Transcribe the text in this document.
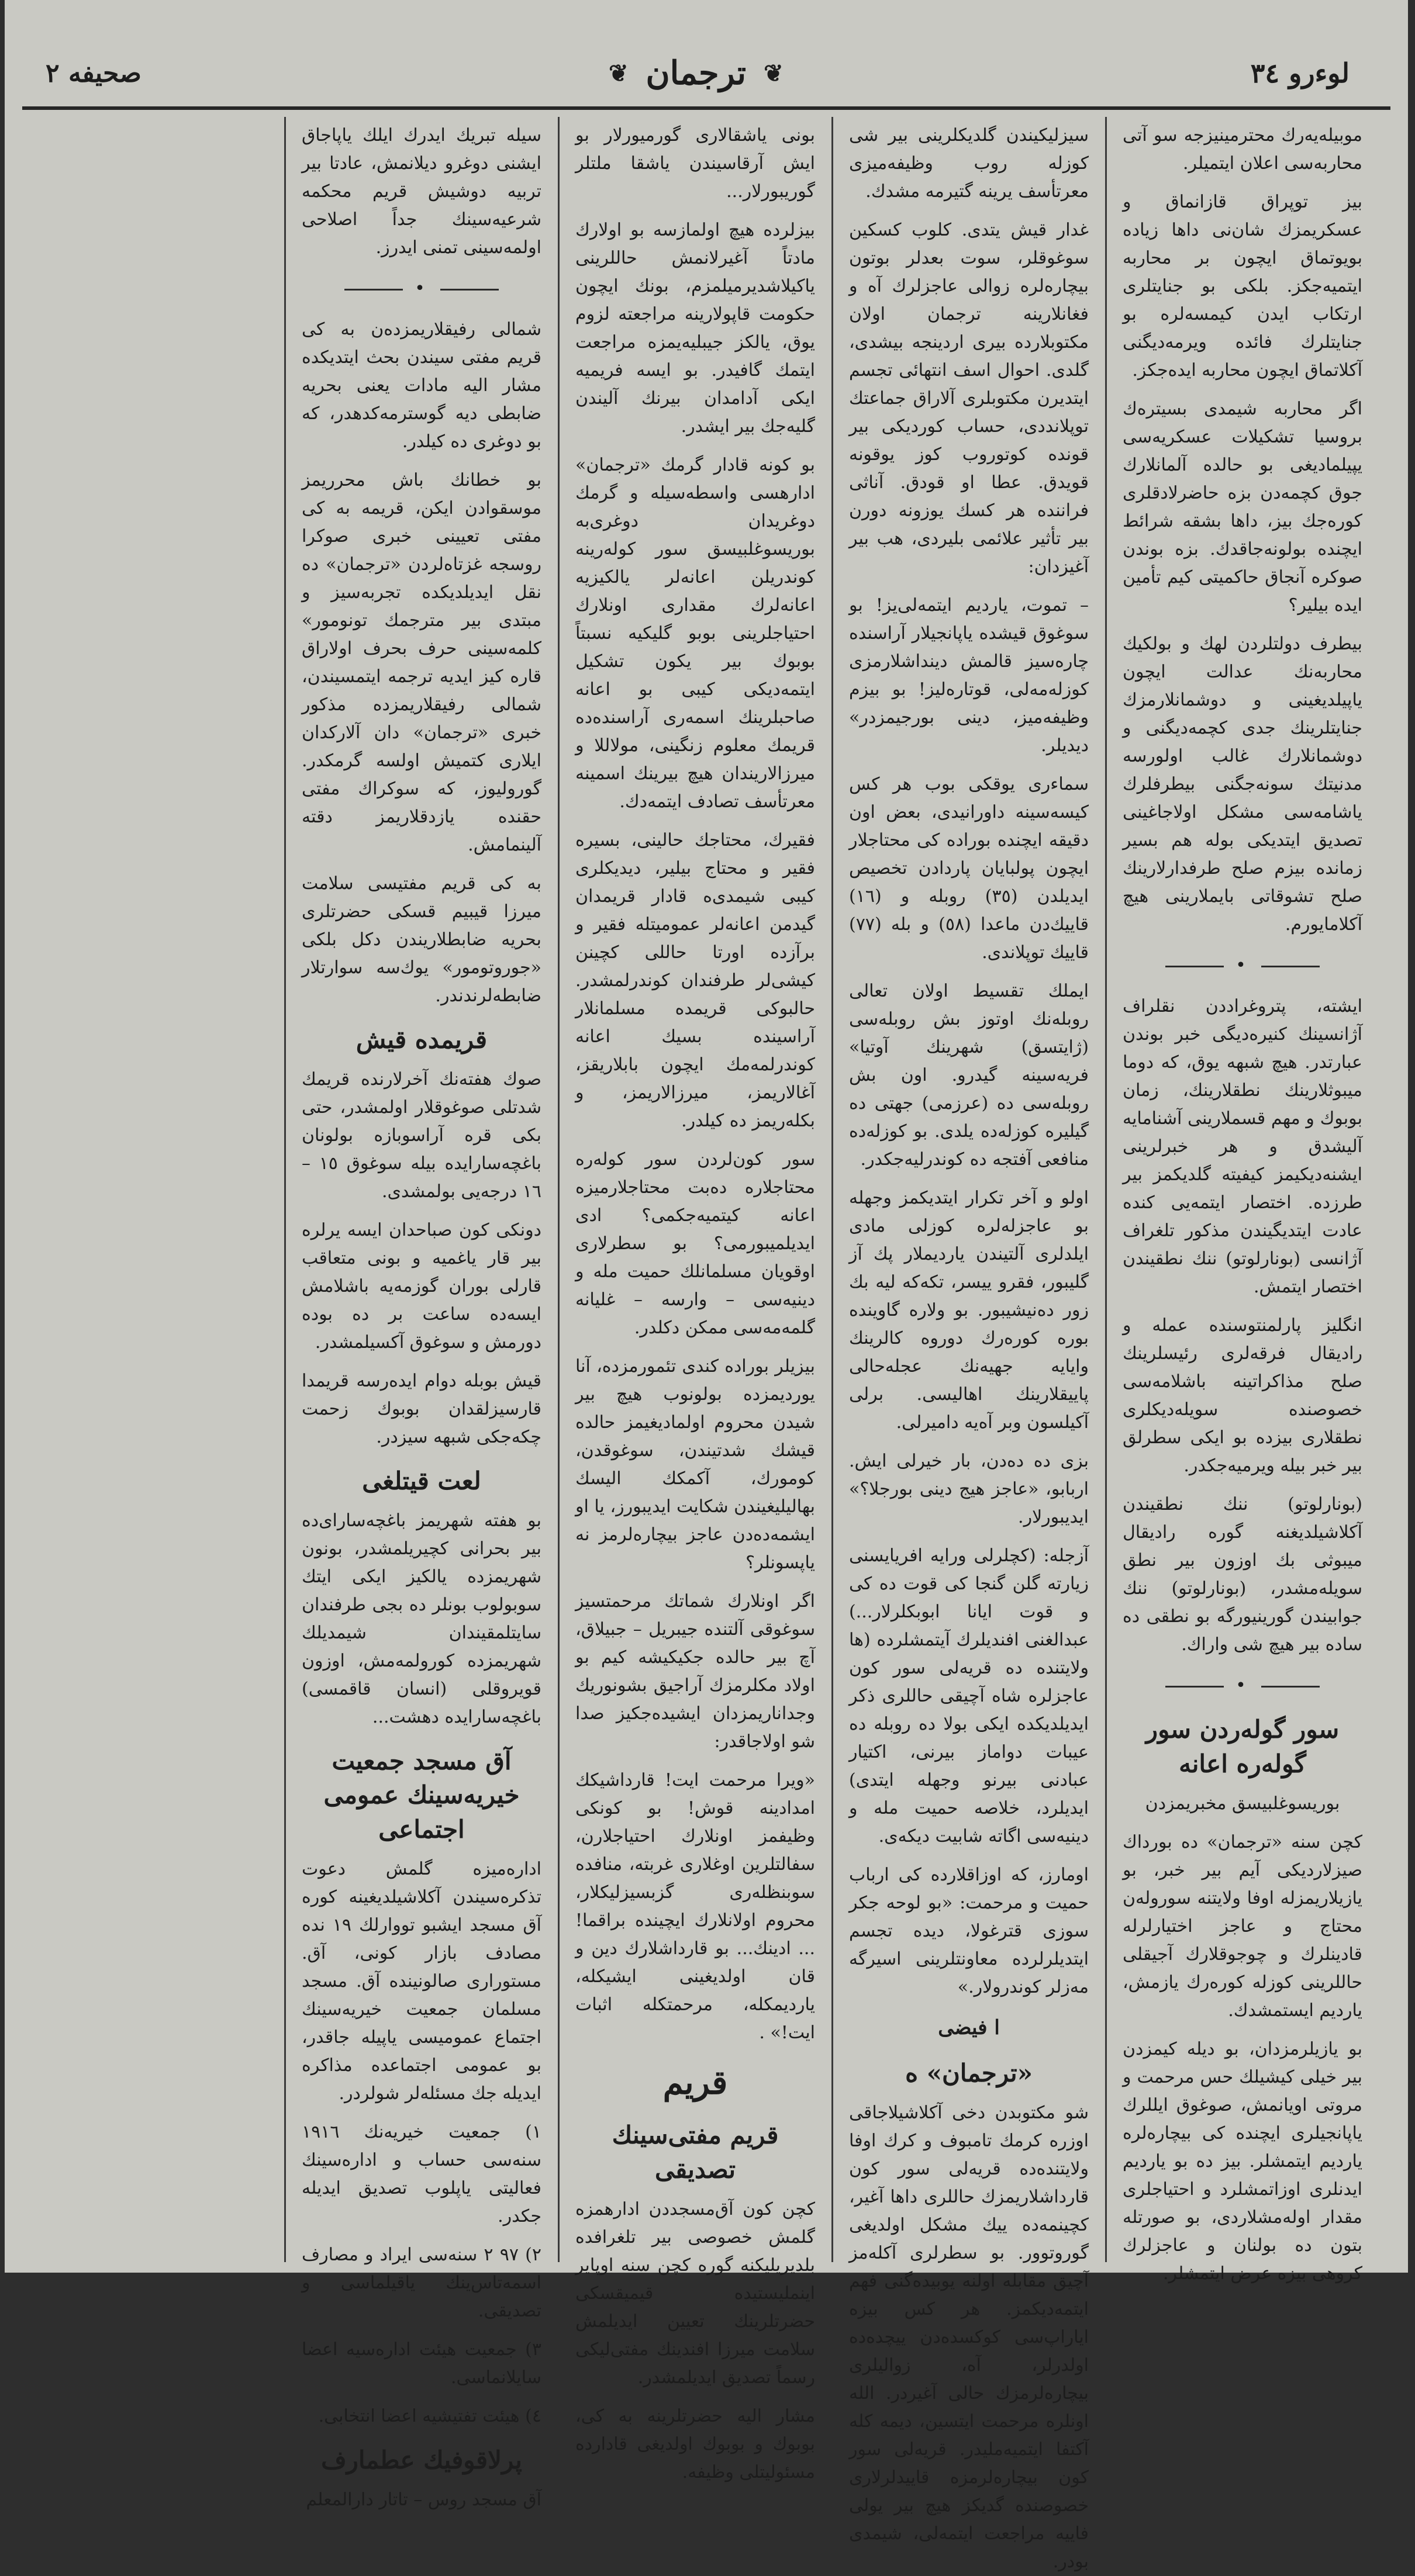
لوءرو ٣٤
❦
ترجمان
❦
صحيفه ٢

موبیله‌یه‌رك محترمینیزجه سو آتی محاربه‌سی اعلان ایتمیلر.

بیز توپراق قازانماق و عسكریمزك شان‌نی داها زیاده بویوتماق ایچون بر محاربه ایتمیه‌جكز. بلكی بو جنایتلری ارتكاب ایدن كیمسه‌لره بو جنایتلرك فائده ویرمه‌دیگنی آكلاتماق ایچون محاربه ایده‌جكز.

اگر محاربه شیمدی بسیتره‌ك بروسیا تشكیلات عسكریه‌سی یپیلمادیغی بو حالده آلمانلارك جوق كچمه‌دن بزه حاضرلادقلری كوره‌جك بیز، داها بشقه شرائط ایچنده بولونه‌جاقدك. بزه بوندن صوكره آنجاق حاكمیتی كیم تأمین ایده بیلیر؟

بیطرف دولتلردن لهك و بولكیك محاربه‌نك عدالت ایچون یاپیلدیغینی و دوشمانلارمزك جنایتلرینك جدی كچمه‌دیگنی و دوشمانلارك غالب اولورسه مدنیتك سونه‌جگنی بیطرفلرك یاشامه‌سی مشكل اولاجاغینی تصدیق ایتدیكی بوله هم بسیر زمانده بیزم صلح طرفدارلارینك صلح تشوقاتی بایملارینی هیچ آكلامایورم.

•

ایشته، پتروغراددن نقلراف آژانسینك كنیره‌دیگی خبر بوندن عبارتدر. هیچ شبهه یوق، كه دوما میبوثلارینك نطقلارینك، زمان بوبوك و مهم قسملارینی آشنامایه آلیشدق و هر خبرلرینی ایشنه‌دیكیمز كیفیته گلدیكمز بیر طرزده. اختصار ایتمه‌یی كنده عادت ایتدیگیندن مذكور تلغراف آژانسی (بونارلوتو) ننك نطقیندن اختصار ایتمش.

انگلیز پارلمنتوسنده عمله و رادیقال فرقه‌لری رئیسلرینك صلح مذاكراتینه باشلامه‌سی خصوصنده سویله‌دیكلری نطقلاری بیزده بو ایكی سطرلق بیر خبر بیله ویرمیه‌جكدر.

(بونارلوتو) ننك نطقیندن آكلاشیلدیغنه گوره رادیقال میبوثی بك اوزون بیر نطق سویله‌مشدر، (بونارلوتو) ننك جوابیندن گورینیورگه بو نطقی ده ساده بیر هیچ شی واراك.

•
سور گوله‌ردن سور گوله‌ره اعانه
بوریسوغلبیسق مخبریمزدن

كچن سنه «ترجمان» ده بورداك صیزلاردیكی آیم بیر خبر، بو یازیلاریمزله اوفا ولایتنه سوروله‌ن محتاج و عاجز اختیارلرله قادینلرك و چوجوقلارك آجیقلی حاللرینی كوزله كوره‌رك یازمش، یاردیم ایستمشدك.

بو یازیلرمزدان، بو دیله كیمزدن بیر خیلی كیشیلك حس مرحمت و مروتی اویانمش، صوغوق ایللرك یاپانجیلری ایچنده كی بیچاره‌لره یاردیم ایتمشلر. بیز ده بو یاردیم ایدنلری اوزاتمشلرد و احتیاجلری مقدار اوله‌مشلاردی، بو صورتله بتون ده بولنان و عاجزلرك كروهی بیزه عرض ایتمشلر.

سیزلیكیندن گلدیكلرینی بیر شی كوزله روب وظیفه‌میزی معرتأسف یرینه گتیرمه مشدك.

غدار قیش یتدی. كلوب كسكین سوغوقلر، سوت بعد‌لر بوتون بیچاره‌لره زوالی عاجزلرك آه و فغانلارینه ترجمان اولان مكتوبلارده بیری اردینجه بیشدی، گلدی. احوال اسف انتهائی تجسم ایتدیرن مكتوبلری آلاراق جماعتك توپلانددی، حساب كوردیكی بیر قونده كوتوروب كوز یوقونه قویدق. عطا او قودق. آناثی فراننده هر كسك یوزونه دورن بیر تأثیر علائمی بلیردی، هب بیر آغیزدان:

– تموت، یاردیم ایتمه‌لی‌یز! بو سوغوق قیشده یاپانجیلار آراسنده چاره‌سیز قالمش دینداشلارمزی كوزله‌مه‌لی، قوتاره‌لیز! بو بیزم وظیفه‌میز، دینی بورجیمزدر» دیدیلر.

سماءری یوقكی بوب هر كس كیسه‌سینه داورانیدی، بعض اون دقیقه ایچنده بوراده كی محتاجلار ایچون پولبایان پاردادن تخصیص ایدیلدن (٣٥) روبله و (١٦) قاییك‌دن ماعدا (٥٨) و بله (٧٧) قاییك توپلاندی.

ایملك تقسیط اولان تعالی روبله‌نك اوتوز بش روبله‌سی (ژایتسق) شهرینك آوتیا» فریه‌سینه گیدرو. اون بش روبله‌سی ده (عرزمی) جهتی ده گیلیره كوزله‌ده یلدی. بو كوزله‌ده منافعی آفتجه ده كوندرلیه‌جكدر.

اولو و آخر تكرار ایتدیكمز وجهله بو عاجزله‌لره كوزلی مادی ایلدلری آلتیندن یاردیملار پك آز گلیبور، فقرو ییسر، تكه‌كه لیه بك زور ده‌نیشیبور. بو ولاره گاوینده بوره كوره‌رك دوروه كالرینك وایایه جهیه‌نك عجله‌حالی پاییقلارینك اهالیسی. برلی آكیلسون وبر آه‌یه دامیرلی.

بزی ده ده‌دن، بار خیرلی ایش. اربابو، «عاجز هیج دینی بورجلا؟» ایدیبورلار.

آزجله: (كچلرلی ورایه افریایسنی زیارته گلن گنجا كی قوت ده كی و قوت ایانا ابوبكلرلار...) عبدالغنی افندیلرك آیتمشلرده (ها ولایتنده ده قریه‌لی سور كون عاجزلره شاه آچیقی حاللری ذكر ایدیلدیكده ایكی بولا ده روبله ده عیبات دواماز بیرنی، اكتیار عبادنی بیرنو وجهله ایتدی) ایدیلرد، خلاصه حمیت مله و دینیه‌سی اگاته شابیت دیكه‌ی.

اومارز، كه اوزاقلارده كی ارباب حمیت و مرحمت: «بو لوحه جكر سوزی قترغولا، دیده تجسم ایتدیلرلرده معاونتلرینی اسیرگه مه‌زلر كوندرولار.»

ا فیضی
«ترجمان» ه

شو مكتوبدن دخی آكلاشیلاجاقی اوزره كرمك تامبوف و كرك اوفا ولایتنده‌ده قریه‌لی سور كون قارداشلاریمزك حاللری داها آغیر، كچینمه‌ده ییك مشكل اولدیغی گوروتوور. بو سطرلری آكله‌مز آچیق مقابله اولنه یوبیده‌گنی فهم ایتمه‌دیكمز. هر كس بیزه ایاراپ‌سی كوكسده‌دن ییچده‌ده اولدرلر، آه، زوالیلری بیچاره‌لرمزك حالی آغیردر. الله اونلره مرحمت ایتسین، دیمه كله آكتفا ایتمیه‌ملیدر. قریه‌لی سور كون بیچاره‌لرمزه قاییدلرلاری خصوصنده گدیكز هیچ بیر یولی فاییه مراجعت ایتمه‌لی، شیمدی بودر.

بونی یاشقالاری گورمیورلار بو ایش آرقاسیندن یاشقا ملتلر گوریبورلار...

بیزلرده هیچ اولمازسه بو اولارك مادتاً آغیرلانمش حاللرینی یاكیلاشدیرمیلمزم، بونك ایچون حكومت قاپولارینه مراجعته لزوم یوق، یالکز جیبلیه‌یمزه مراجعت ایتمك گافیدر. بو ایسه فریمیه ایكی آدامدان بیرنك آلیندن گلیه‌جك بیر ایشدر.

بو كونه قادار گرمك «ترجمان» ادارهسی واسطه‌سیله و گرمك دوغریدان دوغری‌به بوریسوغلبیسق سور كوله‌رینه كوندریلن اعانه‌لر یالکیزیه اعانه‌لرك مقداری اونلارك احتیاجلرینی بوبو گلیكیه نسبتاً بوبوك بیر یكون تشكیل ایتمه‌دیكی كیبی بو اعانه صاحبلرینك اسمه‌ری آراسنده‌ده قریمك معلوم زنگینی، مولاللا و میرزالاریندان هیچ بیرینك اسمینه معرتأسف تصادف ایتمه‌دك.

فقیرك، محتاجك حالینی، بسیره فقیر و محتاج بیلیر، دیدیكلری كیبی شیمدی‌ه قادار قریمدان گیدمن اعانه‌لر عمومیتله فقیر و برآزده اورتا حاللی كچینن كیشی‌لر طرفندان كوندرلمشدر. حالبوكی قریمده مسلمانلار آراسینده بسیك اعانه كوندرلمه‌مك ایچون بابلاریقز، آغالاریمز، میرزالاریمز، و بكله‌ریمز ده كیلدر.

سور كون‌لردن سور كوله‌ره محتاجلاره ده‌بت محتاجلارمیزه اعانه كیتمیه‌جكمی؟ ادی ایدیلمیبورمی؟ بو سطرلاری اوقویان مسلمانلك حمیت مله و دینیه‌سی – وارسه – غلیانه گلمه‌مه‌سی ممكن دكلدر.

بیزیلر بوراده كندی تئمورمزده، آنا یوردیمزده بولونوب هیچ بیر شیدن محروم اولمادیغیمز حالده قیشك شدتیندن، سوغوقدن، كومورك، آكمكك الیسك بهالیلیغیندن شكایت ایدیبورز، یا او ایشمه‌ده‌دن عاجز بیچاره‌لرمز نه یاپسونلر؟

اگر اونلارك شماتك مرحمتسیز سوغوقی آلتنده جیبریل – جبیلاق، آچ بیر حالده جكیكیشه كیم بو اولاد مكلرمزك آراجیق بشونوریك وجداناریمزدان ایشیده‌جكیز صدا شو اولاجاقدر:

«ویرا مرحمت ایت! قارداشیكك امدادینه قوش! بو كونكی وظیفمز اونلارك احتیاجلارن، سفالتلرین اوغلاری غربته، منافده سوبنظله‌ری گزبسیزلیكلار، محروم اولانلارك ایچینده براقما! ... ادینك... بو قارداشلارك دین و قان اولدیغینی ایشیكله، یاردیمكله، مرحمتكله اثبات ایت!» .

قریم
قریم مفتی‌سینك تصدیقی

كچن كون آق‌مسجددن ادارهمزه گلمش خصوصی بیر تلغرافده بلدیریلیكنه گوره كچن سنه اوپایر اینملیستیده قیمیقسكی حضرتلرینك تعیین ایدیلمش سلامت میرزا افندینك مفتی‌لیكی رسماً تصدیق ایدیلمشدر.

مشار الیه حضرتلرینه به كی، بوبوك و بوبوك اولدیغی قادارده مسئولیتلی وظیفه.

سیله تبریك ایدرك ایلك یاپاجاق ایشنی دوغرو دیلانمش، عادتا بیر تربیه دوشیش قریم محكمه شرعیه‌سینك جداً اصلاحی اولمه‌سینی تمنی ایدرز.

•

شمالی رفیقلاریمزده‌ن به كی قریم مفتی سیندن بحث ایتدیكده مشار الیه مادات یعنی بحریه ضابطی دیه گوسترمه‌كدهدر، كه بو دوغری ده كیلدر.

بو خطانك باش محرریمز موسقوادن ایكن، قریمه به كی مفتی تعیینی خبری صوكرا روسجه غزتاه‌لردن «ترجمان» ده نقل ایدیلدیكده تجربه‌سیز و مبتدی بیر مترجمك تونومور» كلمه‌سینی حرف بحرف اولاراق قاره كیز ایدیه ترجمه ایتمسیندن، شمالی رفیقلاریمزده مذكور خبری «ترجمان» دان آلاركدان ایلاری كتمیش اولسه گرمكدر. گورولیوز، كه سوكراك مفتی حقنده یازدقلاریمز دقته آلینمامش.

به كی قریم مفتیسی سلامت میرزا قیبیم قسكی حضرتلری بحریه ضابطلاریندن دكل بلكی «جوروتومور» یوك‌سه سوارتلار ضابطه‌لرندندر.

قریمده قیش

صوك هفته‌نك آخرلارنده قریمك شدتلی صوغوقلار اولمشدر، حتی بكی قره آراسوبازه بولونان باغچه‌سارایده بیله سوغوق ١٥ – ١٦ درجه‌یی بولمشدی.

دونكی كون صباحدان ایسه یرلره بیر قار یاغمیه و بونی متعاقب قارلی بوران گوزمه‌یه باشلامش ایسه‌ده ساعت بر ده بوده دورمش و سوغوق آكسیلمشدر.

قیش بوبله دوام ایده‌رسه قریمدا قارسیزلقدان بوبوك زحمت چكه‌جكی شبهه سیزدر.

لعت قیتلغی

بو هفته شهریمز باغچه‌سارای‌ده بیر بحرانی كچیریلمشدر، بونون شهریمزده یالکیز ایكی ایتك سوبولوب بونلر ده بجی طرفندان سایتلمقیندان شیمدیلك شهریمزده كورولمه‌مش، اوزون قویروقلی (انسان قاقمسی) باغچه‌سارایده دهشت...

آق مسجد جمعیت خیریه‌سینك عمومی اجتماعی

اداره‌میزه گلمش دعوت تذكره‌سیندن آكلاشیلدیغینه كوره آق مسجد ایشبو تووارلك ١٩ نده مصادف بازار كونی، آق. مستوراری صالونینده آق. مسجد مسلمان جمعیت خیریه‌سینك اجتماع عمومیسی یاپیله جاقدر، بو عمومی اجتماعده مذاكره ایدیله جك مسئله‌لر شولردر.

١) جمعیت خیریه‌نك ١٩١٦ سنه‌سی حساب و اداره‌سینك فعالیتی یاپلوب تصدیق ایدیله جكدر.

٢) ٩٧ ٢ سنه‌سی ایراد و مصارف اسمه‌تاس‌ینك یاقیلماسی و تصدیقی.

٣) جمعیت هیئت اداره‌سیه اعضا سایلانماسی.

٤) هیئت تفتیشیه اعضا انتخابی.

پرلاقوفیك عطمارف

آق مسجد روس – تاتار دارالمعلم
